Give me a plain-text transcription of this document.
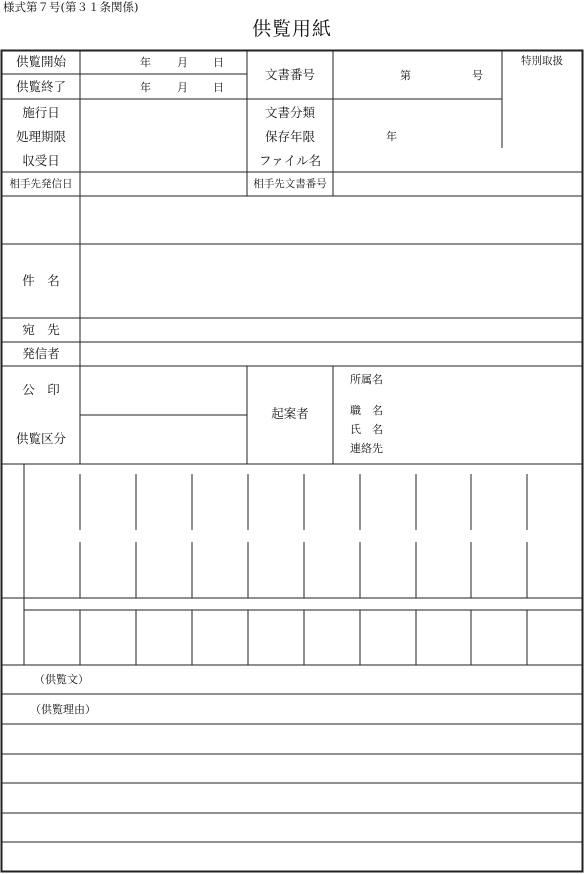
様式第７号(第３１条関係)
供覧用紙
供覧開始
供覧終了
施行日
処理期限
収受日
相手先発信日
件　名
宛　先
発信者
公　印
供覧区分
年 月 日
年 月 日
文書番号
文書分類
保存年限
ファイル名
相手先文書番号
起案者
第	号
年
特別取扱
所属名
職　名
氏　名
連絡先
（供覧文）
（供覧理由）
